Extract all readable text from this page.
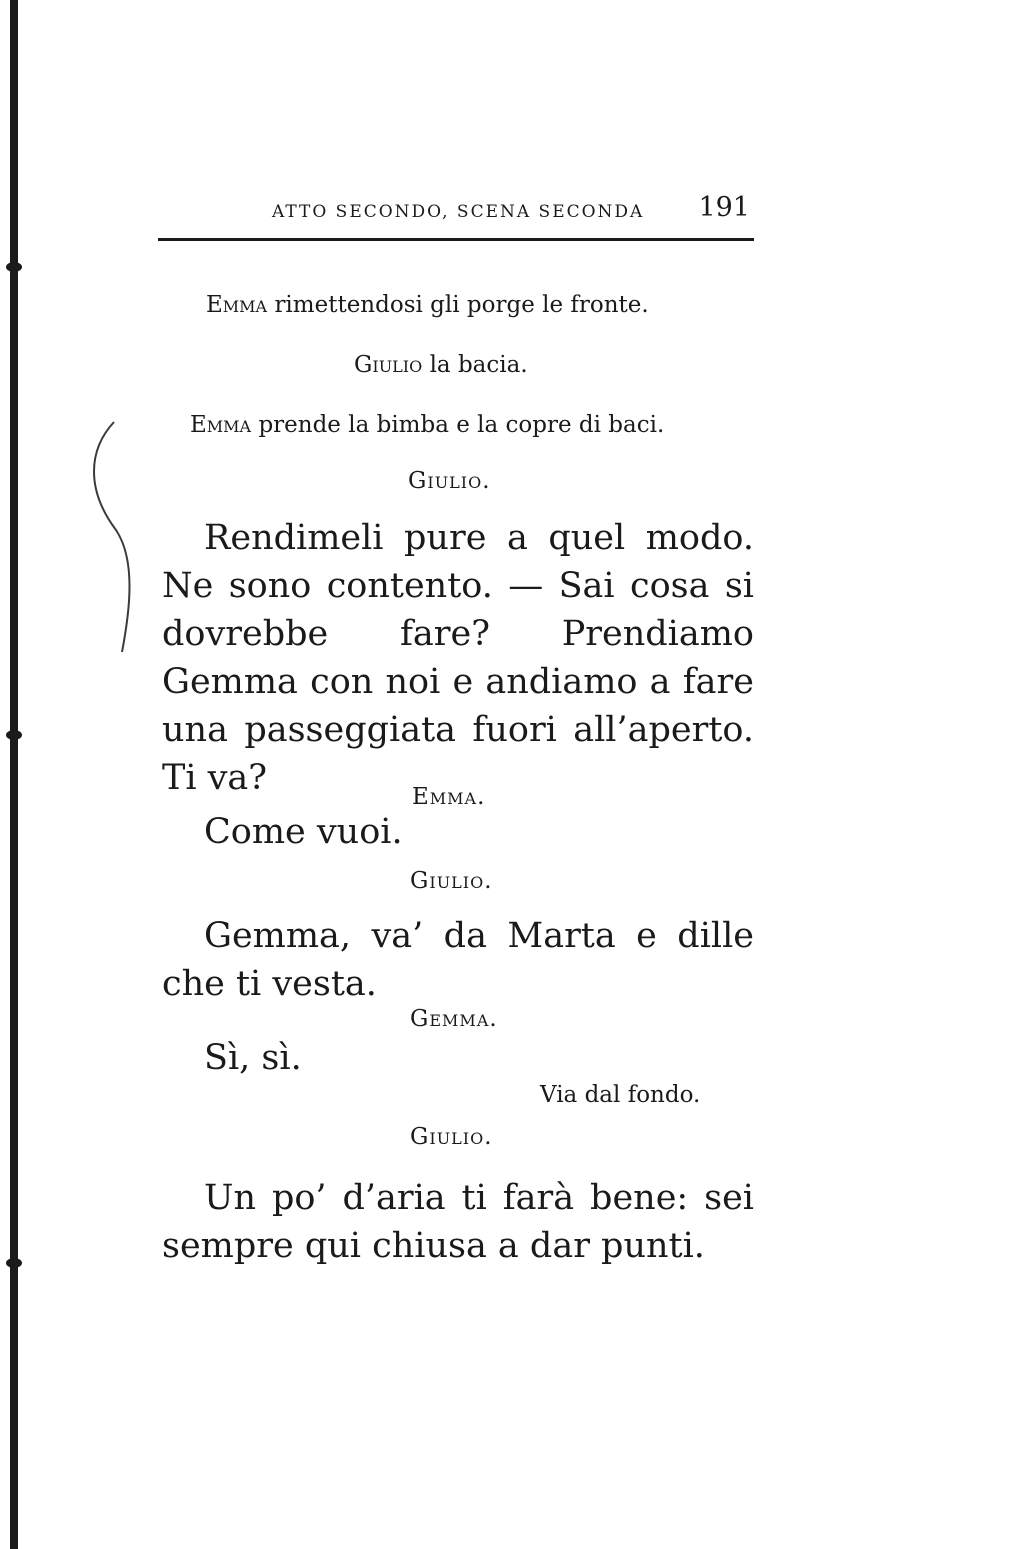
ATTO SECONDO, SCENA SECONDA 191
Emma rimettendosi gli porge le fronte.
Giulio la bacia.
Emma prende la bimba e la copre di baci.
Giulio.
Rendimeli pure a quel modo. Ne sono contento. — Sai cosa si dovrebbe fare? Prendiamo Gemma con noi e andiamo a fare una passeggiata fuori all’aperto. Ti va?	Emma.
Come vuoi.
Giulio.
Gemma, va’ da Marta e dille che ti vesta.
Gemma.
Sì, sì.
Via dal fondo.
Giulio.
Un po’ d’aria ti farà bene: sei sempre qui chiusa a dar punti.
